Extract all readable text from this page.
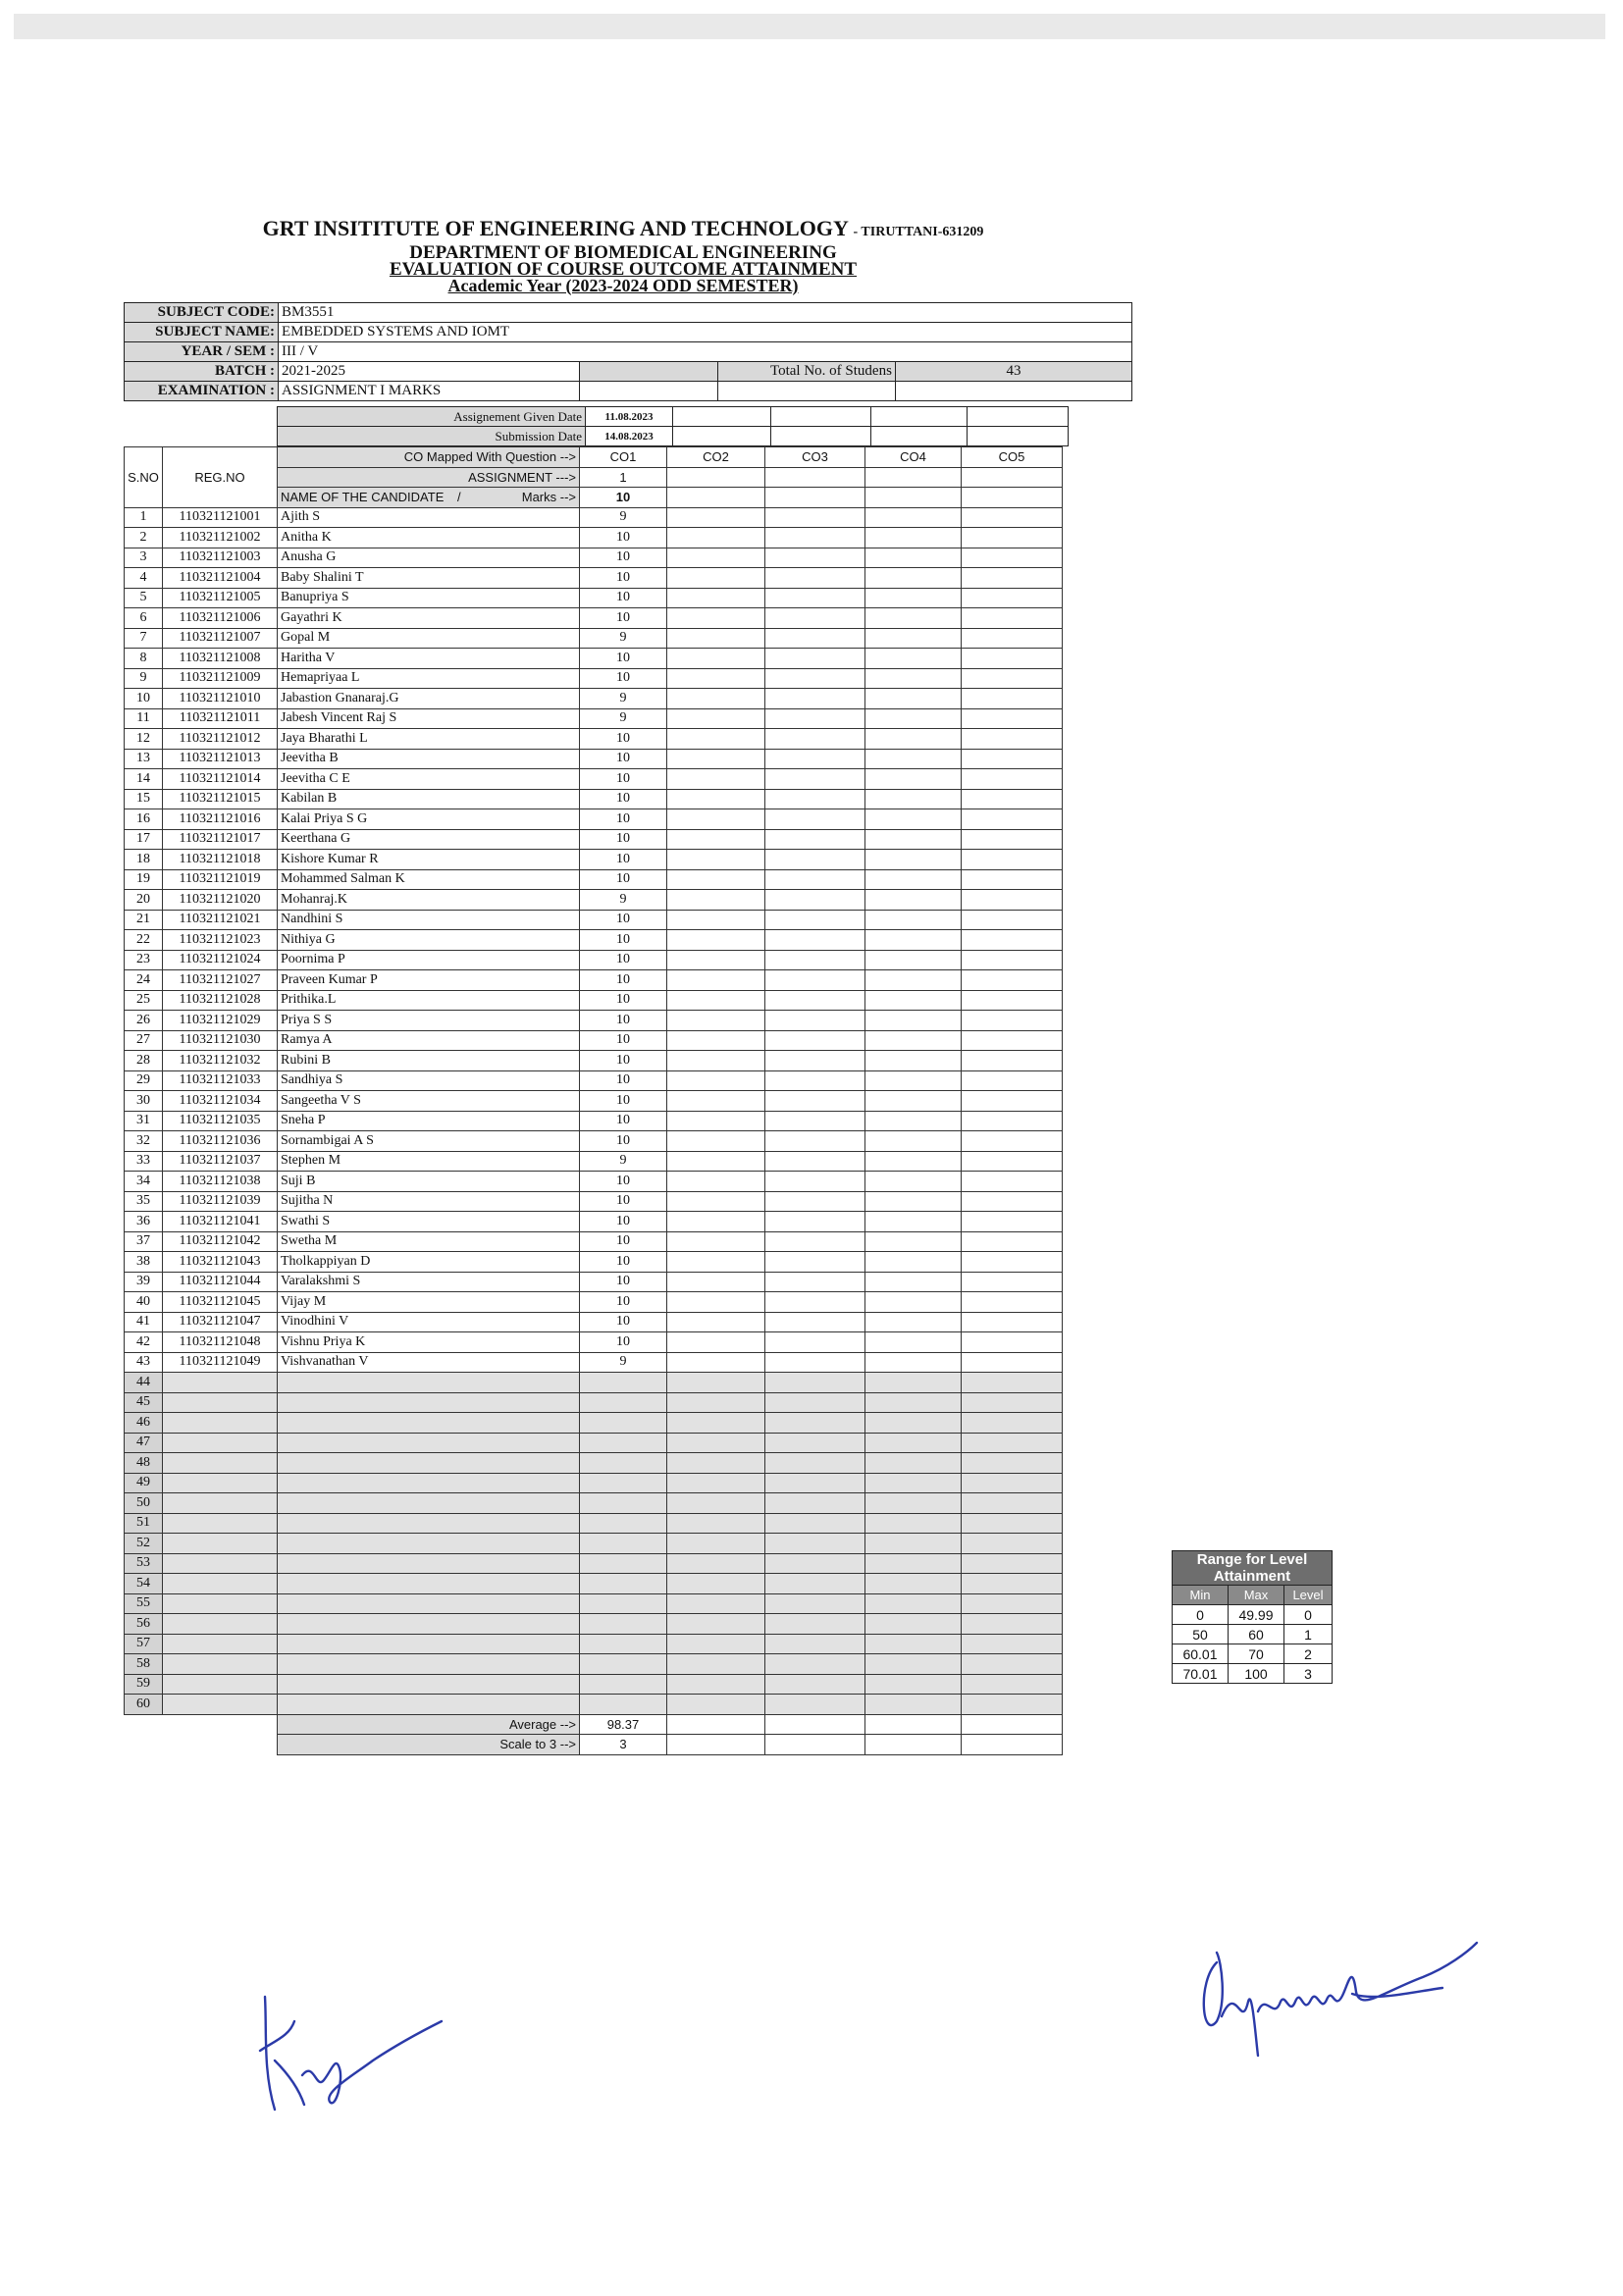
GRT INSITITUTE OF ENGINEERING AND TECHNOLOGY - TIRUTTANI-631209
DEPARTMENT OF BIOMEDICAL ENGINEERING
EVALUATION OF COURSE OUTCOME ATTAINMENT
Academic Year (2023-2024 ODD SEMESTER)
SUBJECT CODE:	BM3551			
SUBJECT NAME:	EMBEDDED SYSTEMS AND IOMT			
YEAR / SEM :	III / V			
BATCH :	2021-2025		Total No. of Studens	43
EXAMINATION :	ASSIGNMENT I MARKS			
Assignement Given Date	11.08.2023				
Submission Date	14.08.2023				
S.NO	REG.NO	CO Mapped With Question -->	CO1	CO2	CO3	CO4	CO5
		ASSIGNMENT --->	1				
		NAME OF THE CANDIDATE / Marks -->	10				
1	110321121001	Ajith S	9				
2	110321121002	Anitha K	10				
3	110321121003	Anusha G	10				
4	110321121004	Baby Shalini T	10				
5	110321121005	Banupriya S	10				
6	110321121006	Gayathri K	10				
7	110321121007	Gopal M	9				
8	110321121008	Haritha V	10				
9	110321121009	Hemapriyaa L	10				
10	110321121010	Jabastion Gnanaraj.G	9				
11	110321121011	Jabesh Vincent Raj S	9				
12	110321121012	Jaya Bharathi L	10				
13	110321121013	Jeevitha B	10				
14	110321121014	Jeevitha C E	10				
15	110321121015	Kabilan B	10				
16	110321121016	Kalai Priya S G	10				
17	110321121017	Keerthana G	10				
18	110321121018	Kishore Kumar R	10				
19	110321121019	Mohammed Salman K	10				
20	110321121020	Mohanraj.K	9				
21	110321121021	Nandhini S	10				
22	110321121023	Nithiya G	10				
23	110321121024	Poornima P	10				
24	110321121027	Praveen Kumar P	10				
25	110321121028	Prithika.L	10				
26	110321121029	Priya S S	10				
27	110321121030	Ramya A	10				
28	110321121032	Rubini B	10				
29	110321121033	Sandhiya S	10				
30	110321121034	Sangeetha V S	10				
31	110321121035	Sneha P	10				
32	110321121036	Sornambigai A S	10				
33	110321121037	Stephen M	9				
34	110321121038	Suji B	10				
35	110321121039	Sujitha N	10				
36	110321121041	Swathi S	10				
37	110321121042	Swetha M	10				
38	110321121043	Tholkappiyan D	10				
39	110321121044	Varalakshmi S	10				
40	110321121045	Vijay M	10				
41	110321121047	Vinodhini V	10				
42	110321121048	Vishnu Priya K	10				
43	110321121049	Vishvanathan V	9				
44							
45							
46							
47							
48							
49							
50							
51							
52							
53							
54							
55							
56							
57							
58							
59							
60							
		Average -->	98.37				
		Scale to 3 -->	3				
Range for Level Attainment		
Min	Max	Level
0	49.99	0
50	60	1
60.01	70	2
70.01	100	3
